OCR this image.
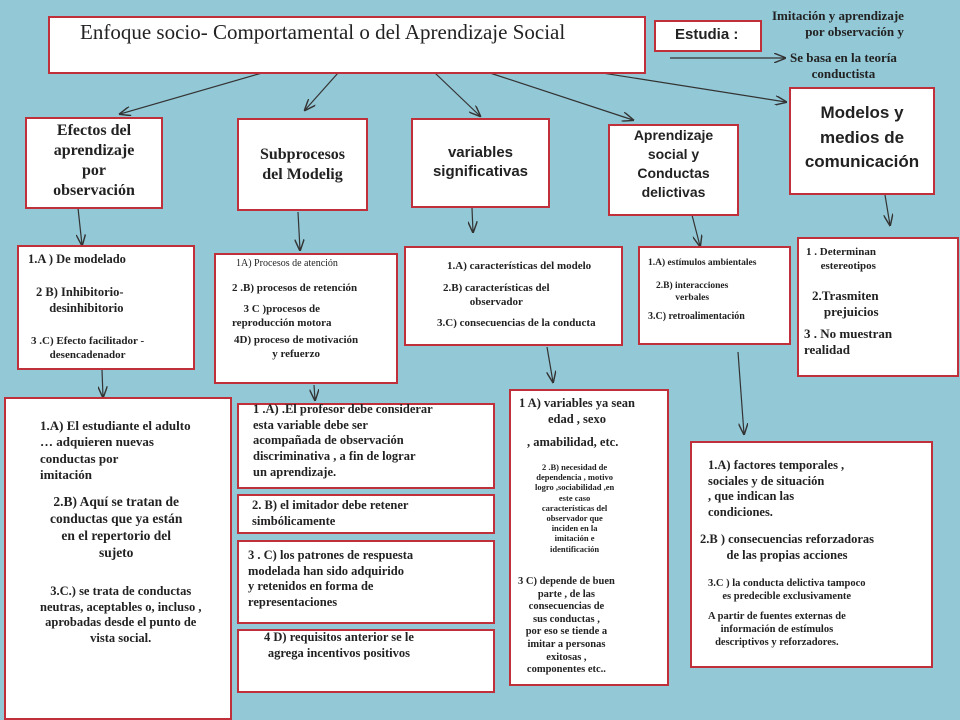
Enfoque socio- Comportamental o del Aprendizaje Social	Estudia :
Imitación y aprendizaje
por observación y
Se basa en la teoría
conductista
Efectos del
aprendizaje
por
observación
Subprocesos
del Modelig
variables
significativas
Aprendizaje
social y
Conductas
delictivas
Modelos y
medios de
comunicación
1.A ) De modelado
2 B) Inhibitorio-
desinhibitorio
3 .C) Efecto facilitador -
desencadenador
1A) Procesos de atención
2 .B) procesos de retención
3 C )procesos de
reproducción motora
4D) proceso de motivación
y refuerzo
1.A) características del modelo
2.B) características del
observador
3.C) consecuencias de la conducta
1.A) estímulos ambientales
2.B) interacciones
verbales
3.C) retroalimentación
1 . Determinan
estereotipos
2.Trasmiten
prejuicios
3 . No muestran
realidad
1.A) El estudiante el adulto
… adquieren nuevas
conductas por
imitación
2.B) Aquí se tratan de
conductas que ya están
en el repertorio del
sujeto
3.C.) se trata de conductas
neutras, aceptables o, incluso ,
aprobadas desde el punto de
vista social.
1 .A) .El profesor debe considerar
esta variable debe ser
acompañada de observación
discriminativa , a fin de lograr
un aprendizaje.
2. B) el imitador debe retener
simbólicamente
3 . C) los patrones de respuesta
modelada han sido adquirido
y retenidos en forma de
representaciones
4 D) requisitos anterior se le
agrega incentivos positivos
1 A) variables ya sean
edad , sexo
, amabilidad, etc.
2 .B) necesidad de
dependencia , motivo
logro ,sociabilidad ,en
este caso
características del
observador que
inciden en la
imitación e
identificación
3 C) depende de buen
parte , de las
consecuencias de
sus conductas ,
por eso se tiende a
imitar a personas
exitosas ,
componentes etc..
1.A) factores temporales ,
sociales y de situación
, que indican las
condiciones.
2.B ) consecuencias reforzadoras
de las propias acciones
3.C ) la conducta delictiva tampoco
es predecible exclusivamente
A partir de fuentes externas de
información de estímulos
descriptivos y reforzadores.
